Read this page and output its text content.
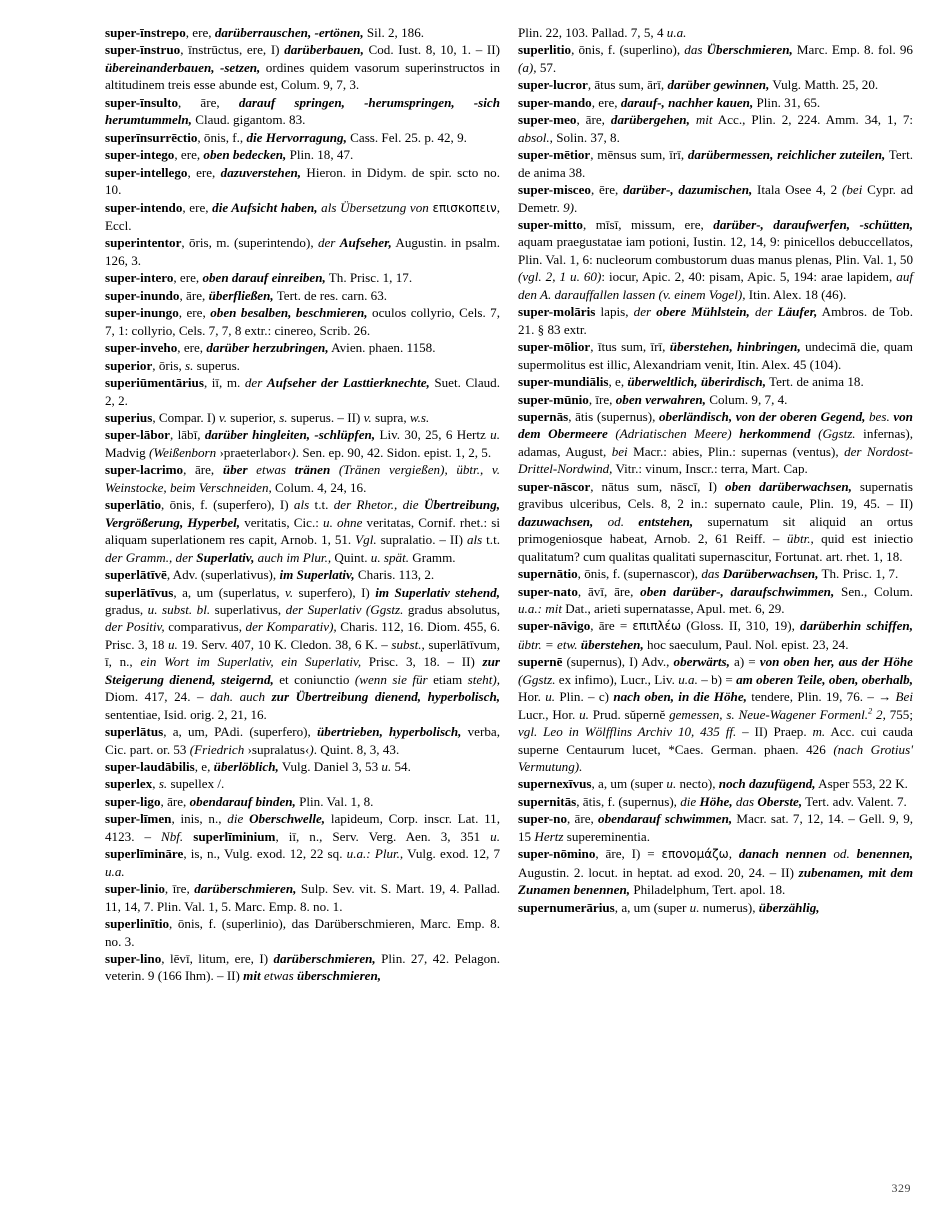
super-īnstrepo, ere, darüberrauschen, -ertönen, Sil. 2, 186.

super-īnstruo, īnstrūctus, ere, I) darüberbauen, Cod. Iust. 8, 10, 1. – II) übereinanderbauen, -setzen, ordines quidem vasorum superinstructos in altitudinem treis esse abunde est, Colum. 9, 7, 3.

super-īnsulto, āre, darauf springen, -herumspringen, -sich herumtummeln, Claud. gigantom. 83.

superīnsurrēctio, ōnis, f., die Hervorragung, Cass. Fel. 25. p. 42, 9.

super-intego, ere, oben bedecken, Plin. 18, 47.

super-intellego, ere, dazuverstehen, Hieron. in Didym. de spir. scto no. 10.

super-intendo, ere, die Aufsicht haben, als Übersetzung von επισκοπειν, Eccl.

superintentor, ōris, m. (superintendo), der Aufseher, Augustin. in psalm. 126, 3.

super-intero, ere, oben darauf einreiben, Th. Prisc. 1, 17.

super-inundo, āre, überfließen, Tert. de res. carn. 63.

super-inungo, ere, oben besalben, beschmieren, oculos collyrio, Cels. 7, 7, 1: collyrio, Cels. 7, 7, 8 extr.: cinereo, Scrib. 26.

super-inveho, ere, darüber herzubringen, Avien. phaen. 1158.

superior, ōris, s. superus.

superiūmentārius, iī, m. der Aufseher der Lasttierknechte, Suet. Claud. 2, 2.

superius, Compar. I) v. superior, s. superus. – II) v. supra, w.s.

super-lābor, lābī, darüber hingleiten, -schlüpfen, Liv. 30, 25, 6 Hertz u. Madvig (Weißenborn ›praeterlabor‹). Sen. ep. 90, 42. Sidon. epist. 1, 2, 5.

super-lacrimo, āre, über etwas tränen (Tränen vergießen), übtr., v. Weinstocke, beim Verschneiden, Colum. 4, 24, 16.

superlātio, ōnis, f. (superfero), I) als t.t. der Rhetor., die Übertreibung, Vergrößerung, Hyperbel, veritatis, Cic.: u. ohne veritatas, Cornif. rhet.: si aliquam superlationem res capit, Arnob. 1, 51. Vgl. supralatio. – II) als t.t. der Gramm., der Superlativ, auch im Plur., Quint. u. spät. Gramm.

superlātīvē, Adv. (superlativus), im Superlativ, Charis. 113, 2.

superlātīvus, a, um (superlatus, v. superfero), I) im Superlativ stehend, gradus, u. subst. bl. superlativus, der Superlativ (Ggstz. gradus absolutus, der Positiv, comparativus, der Komparativ), Charis. 112, 16. Diom. 455, 6. Prisc. 3, 18 u. 19. Serv. 407, 10 K. Cledon. 38, 6 K. – subst., superlātīvum, ī, n., ein Wort im Superlativ, ein Superlativ, Prisc. 3, 18. – II) zur Steigerung dienend, steigernd, et coniunctio (wenn sie für etiam steht), Diom. 417, 24. – dah. auch zur Übertreibung dienend, hyperbolisch, sententiae, Isid. orig. 2, 21, 16.

superlātus, a, um, PAdi. (superfero), übertrieben, hyperbolisch, verba, Cic. part. or. 53 (Friedrich ›supralatus‹). Quint. 8, 3, 43.

super-laudābilis, e, überlöblich, Vulg. Daniel 3, 53 u. 54.

superlex, s. supellex /.

super-ligo, āre, obendarauf binden, Plin. Val. 1, 8.

super-līmen, inis, n., die Oberschwelle, lapideum, Corp. inscr. Lat. 11, 4123. – Nbf. superlīminium, iī, n., Serv. Verg. Aen. 3, 351 u. superlīmināre, is, n., Vulg. exod. 12, 22 sq. u.a.: Plur., Vulg. exod. 12, 7 u.a.

super-linio, īre, darüberschmieren, Sulp. Sev. vit. S. Mart. 19, 4. Pallad. 11, 14, 7. Plin. Val. 1, 5. Marc. Emp. 8. no. 1.

superlinītio, ōnis, f. (superlinio), das Darüberschmieren, Marc. Emp. 8. no. 3.

super-lino, lēvī, litum, ere, I) darüberschmieren, Plin. 27, 42. Pelagon. veterin. 9 (166 Ihm). – II) mit etwas überschmieren,

Plin. 22, 103. Pallad. 7, 5, 4 u.a.

superlitio, ōnis, f. (superlino), das Überschmieren, Marc. Emp. 8. fol. 96 (a), 57.

super-lucror, ātus sum, ārī, darüber gewinnen, Vulg. Matth. 25, 20.

super-mando, ere, darauf-, nachher kauen, Plin. 31, 65.

super-meo, āre, darübergehen, mit Acc., Plin. 2, 224. Amm. 34, 1, 7: absol., Solin. 37, 8.

super-mētior, mēnsus sum, īrī, darübermessen, reichlicher zuteilen, Tert. de anima 38.

super-misceo, ēre, darüber-, dazumischen, Itala Osee 4, 2 (bei Cypr. ad Demetr. 9).

super-mitto, mīsī, missum, ere, darüber-, daraufwerfen, -schütten, aquam praegustatae iam potioni, Iustin. 12, 14, 9: pinicellos debuccellatos, Plin. Val. 1, 6: nucleorum combustorum duas manus plenas, Plin. Val. 1, 50 (vgl. 2, 1 u. 60): iocur, Apic. 2, 40: pisam, Apic. 5, 194: arae lapidem, auf den A. darauffallen lassen (v. einem Vogel), Itin. Alex. 18 (46).

super-molāris lapis, der obere Mühlstein, der Läufer, Ambros. de Tob. 21. § 83 extr.

super-mōlior, ītus sum, īrī, überstehen, hinbringen, undecimā die, quam supermolitus est illic, Alexandriam venit, Itin. Alex. 45 (104).

super-mundiālis, e, überweltlich, überirdisch, Tert. de anima 18.

super-mūnio, īre, oben verwahren, Colum. 9, 7, 4.

supernās, ātis (supernus), oberländisch, von der oberen Gegend, bes. von dem Obermeere (Adriatischen Meere) herkommend (Ggstz. infernas), adamas, August, bei Macr.: abies, Plin.: supernas (ventus), der Nordost-Drittel-Nordwind, Vitr.: vinum, Inscr.: terra, Mart. Cap.

super-nāscor, nātus sum, nāscī, I) oben darüberwachsen, supernatis gravibus ulceribus, Cels. 8, 2 in.: supernato caule, Plin. 19, 45. – II) dazuwachsen, od. entstehen, supernatum sit aliquid an ortus primogeniosque habeat, Arnob. 2, 61 Reiff. – übtr., quid est iniectio qualitatum? cum qualitas qualitati supernascitur, Fortunat. art. rhet. 1, 18.

supernātio, ōnis, f. (supernascor), das Darüberwachsen, Th. Prisc. 1, 7.

super-nato, āvī, āre, oben darüber-, daraufschwimmen, Sen., Colum. u.a.: mit Dat., arieti supernatasse, Apul. met. 6, 29.

super-nāvigo, āre = επιπλέω (Gloss. II, 310, 19), darüberhin schiffen, übtr. = etw. überstehen, hoc saeculum, Paul. Nol. epist. 23, 24.

supernē (supernus), I) Adv., oberwärts, a) = von oben her, aus der Höhe (Ggstz. ex infimo), Lucr., Liv. u.a. – b) = am oberen Teile, oben, oberhalb, Hor. u. Plin. – c) nach oben, in die Höhe, tendere, Plin. 19, 76. – → Bei Lucr., Hor. u. Prud. sŭpernĕ gemessen, s. Neue-Wagener Formenl.$^2$ 2, 755; vgl. Leo in Wölfflins Archiv 10, 435 ff. – II) Praep. m. Acc. cui cauda superne Centaurum lucet, *Caes. German. phaen. 426 (nach Grotius' Vermutung).

supernexīvus, a, um (super u. necto), noch dazufügend, Asper 553, 22 K.

supernitās, ātis, f. (supernus), die Höhe, das Oberste, Tert. adv. Valent. 7.

super-no, āre, obendarauf schwimmen, Macr. sat. 7, 12, 14. – Gell. 9, 9, 15 Hertz supereminentia.

super-nōmino, āre, I) = επονομάζω, danach nennen od. benennen, Augustin. 2. locut. in heptat. ad exod. 20, 24. – II) zubenamen, mit dem Zunamen benennen, Philadelphum, Tert. apol. 18.

supernumerārius, a, um (super u. numerus), überzählig,

329
